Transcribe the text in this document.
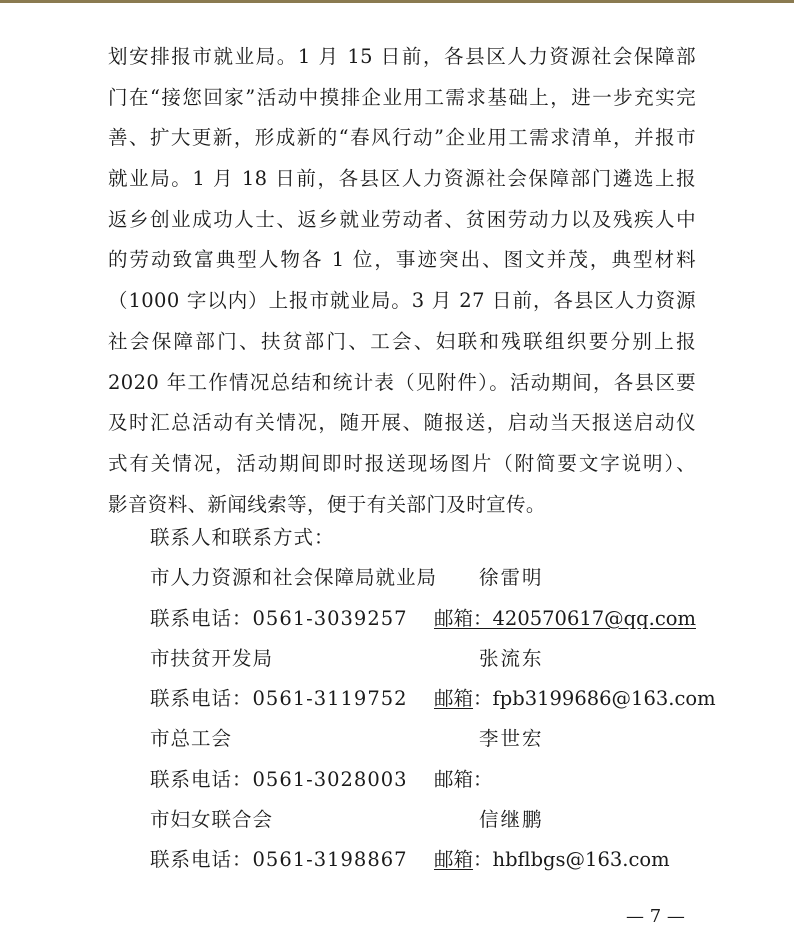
划安排报市就业局。1 月 15 日前，各县区人力资源社会保障部
门在“接您回家”活动中摸排企业用工需求基础上，进一步充实完
善、扩大更新，形成新的“春风行动”企业用工需求清单，并报市
就业局。1 月 18 日前，各县区人力资源社会保障部门遴选上报
返乡创业成功人士、返乡就业劳动者、贫困劳动力以及残疾人中
的劳动致富典型人物各 1 位，事迹突出、图文并茂，典型材料
（1000 字以内）上报市就业局。3 月 27 日前，各县区人力资源
社会保障部门、扶贫部门、工会、妇联和残联组织要分别上报
2020 年工作情况总结和统计表（见附件）。活动期间，各县区要
及时汇总活动有关情况，随开展、随报送，启动当天报送启动仪
式有关情况，活动期间即时报送现场图片（附简要文字说明）、
影音资料、新闻线索等，便于有关部门及时宣传。
联系人和联系方式：
市人力资源和社会保障局就业局 徐雷明
联系电话：0561-3039257 邮箱：420570617@qq.com
市扶贫开发局	张流东
联系电话：0561-3119752 邮箱：fpb3199686@163.com
市总工会	李世宏
联系电话：0561-3028003 邮箱：
市妇女联合会	信继鹏
联系电话：0561-3198867 邮箱：hbflbgs@163.com
— 7 —
